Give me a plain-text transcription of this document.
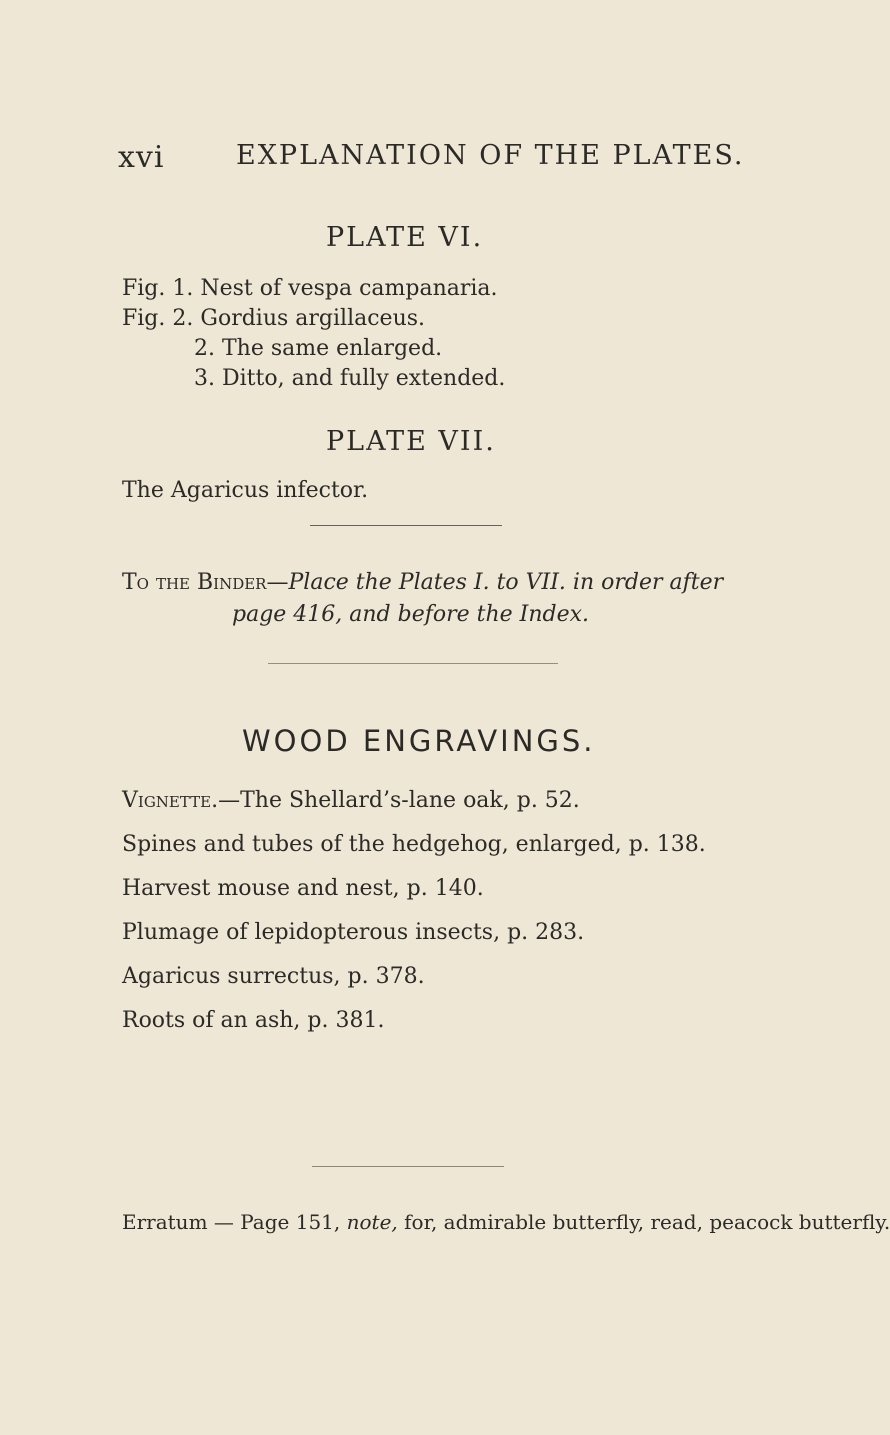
xvi	EXPLANATION OF THE PLATES.
PLATE VI.
Fig. 1. Nest of vespa campanaria.
Fig. 2. Gordius argillaceus.
2. The same enlarged.
3. Ditto, and fully extended.
PLATE VII.
The Agaricus infector.
To the Binder—Place the Plates I. to VII. in order after
page 416, and before the Index.
WOOD ENGRAVINGS.
Vignette.—The Shellard’s-lane oak, p. 52.
Spines and tubes of the hedgehog, enlarged, p. 138.
Harvest mouse and nest, p. 140.
Plumage of lepidopterous insects, p. 283.
Agaricus surrectus, p. 378.
Roots of an ash, p. 381.
Erratum — Page 151, note, for, admirable butterfly, read, peacock butterfly.
